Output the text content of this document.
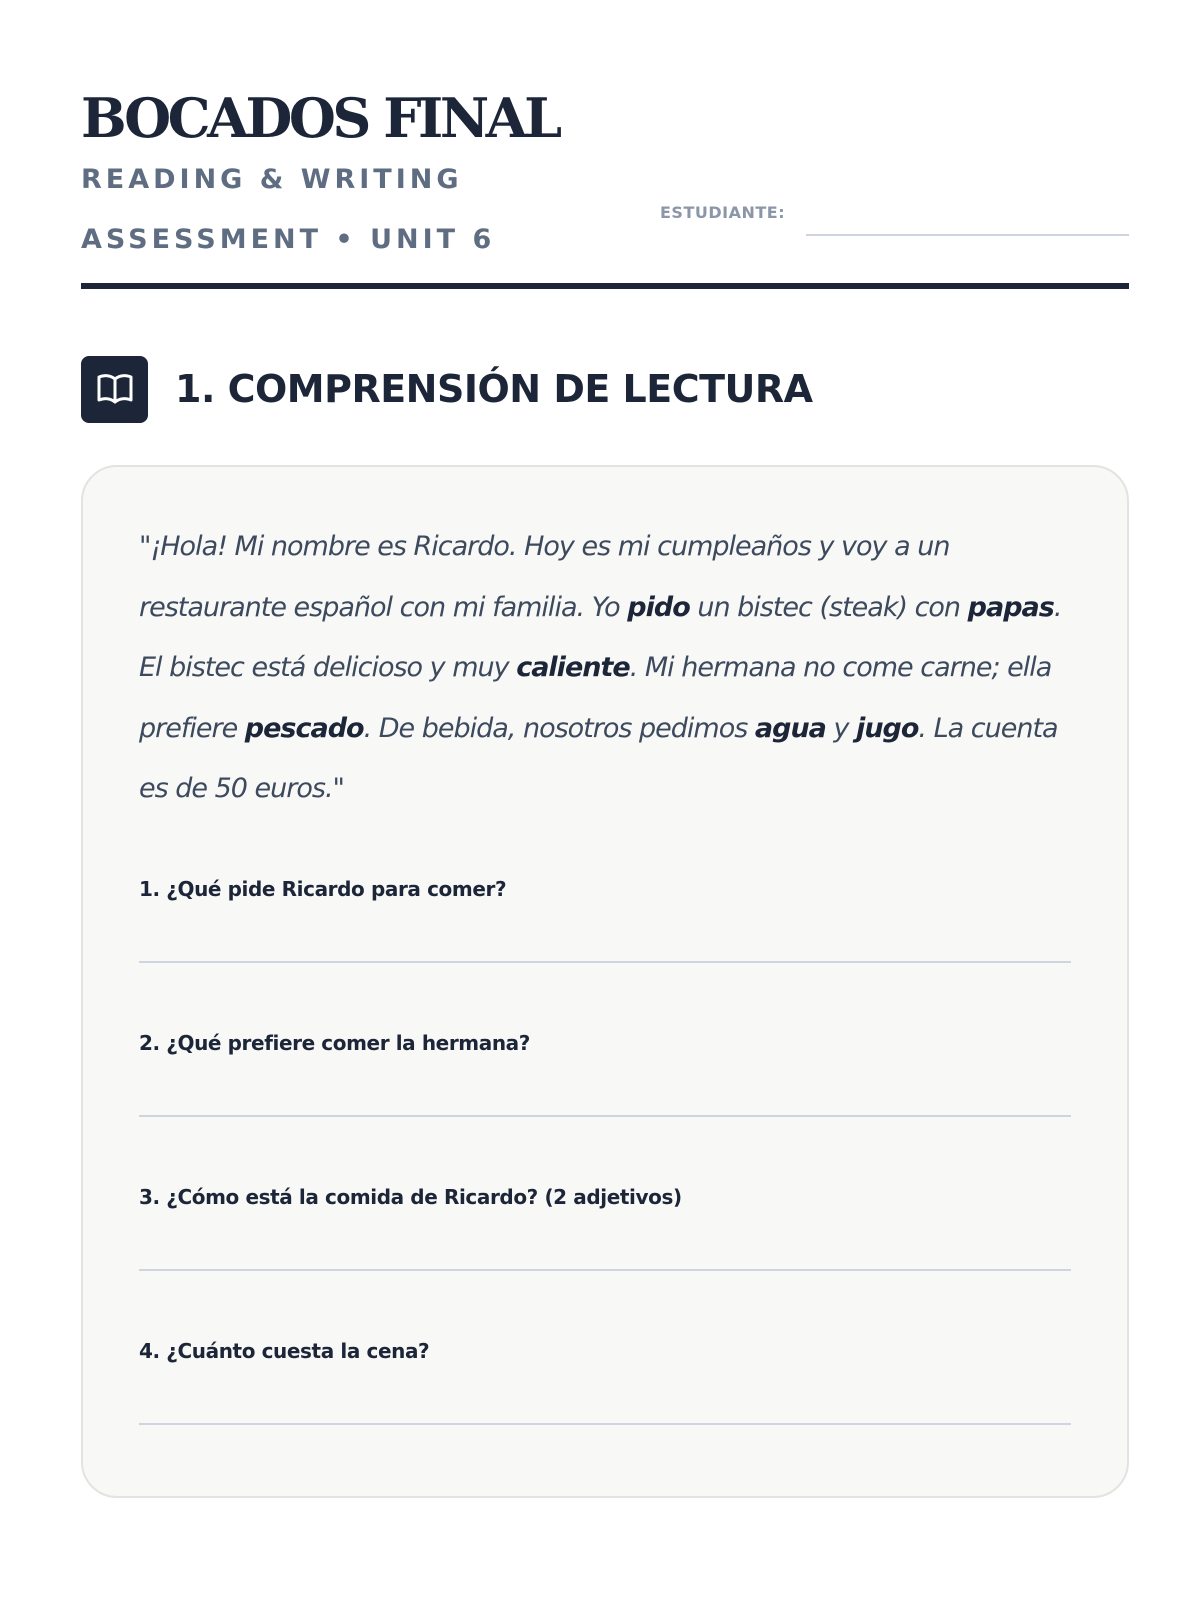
BOCADOS FINAL
READING & WRITING
ASSESSMENT • UNIT 6
ESTUDIANTE:
1. COMPRENSIÓN DE LECTURA

"¡Hola! Mi nombre es Ricardo. Hoy es mi cumpleaños y voy a un restaurante español con mi familia. Yo pido un bistec (steak) con papas. El bistec está delicioso y muy caliente. Mi hermana no come carne; ella prefiere pescado. De bebida, nosotros pedimos agua y jugo. La cuenta es de 50 euros."

1. ¿Qué pide Ricardo para comer?
2. ¿Qué prefiere comer la hermana?
3. ¿Cómo está la comida de Ricardo? (2 adjetivos)
4. ¿Cuánto cuesta la cena?
